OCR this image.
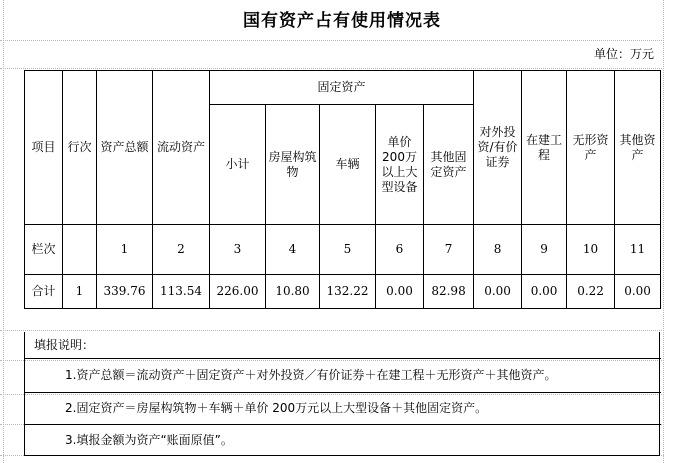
国有资产占有使用情况表
单位：万元
项目	行次	资产总额	流动资产	固定资产					对外投资/有价证券	在建工程	无形资产	其他资产
				小计	房屋构筑物	车辆	单价200万以上大型设备	其他固定资产				
栏次		1	2	3	4	5	6	7	8	9	10	11
合计	1	339.76	113.54	226.00	10.80	132.22	0.00	82.98	0.00	0.00	0.22	0.00
填报说明：
1.资产总额＝流动资产＋固定资产＋对外投资／有价证券＋在建工程＋无形资产＋其他资产。
2.固定资产＝房屋构筑物＋车辆＋单价 200万元以上大型设备＋其他固定资产。
3.填报金额为资产“账面原值”。
